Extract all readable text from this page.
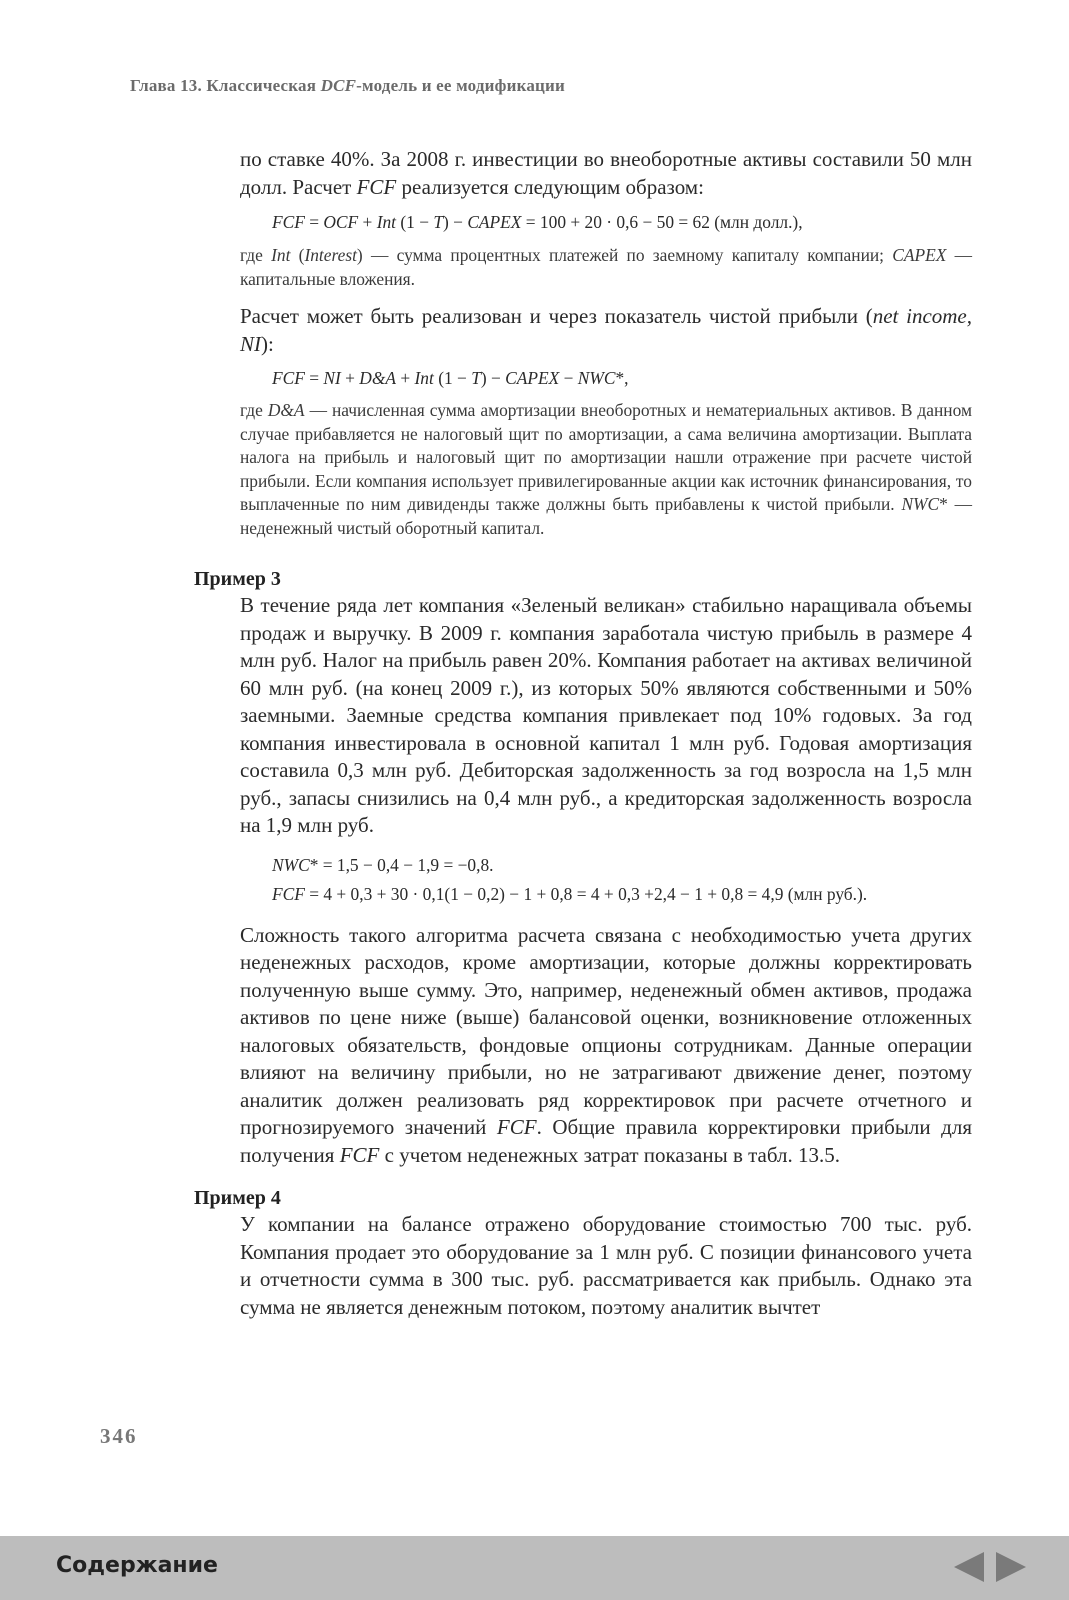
Глава 13. Классическая DCF-модель и ее модификации

по ставке 40%. За 2008 г. инвестиции во внеоборотные активы составили 50 млн долл. Расчет FCF реализуется следующим образом:

FCF = OCF + Int (1 − T) − CAPEX = 100 + 20 · 0,6 − 50 = 62 (млн долл.),

где Int (Interest) — сумма процентных платежей по заемному капиталу компании; CAPEX — капитальные вложения.

Расчет может быть реализован и через показатель чистой прибыли (net income, NI):

FCF = NI + D&A + Int (1 − T) − CAPEX − NWC*,

где D&A — начисленная сумма амортизации внеоборотных и нематериальных активов. В данном случае прибавляется не налоговый щит по амортизации, а сама величина амортизации. Выплата налога на прибыль и налоговый щит по амортизации нашли отражение при расчете чистой прибыли. Если компания использует привилегированные акции как источник финансирования, то выплаченные по ним дивиденды также должны быть прибавлены к чистой прибыли. NWC* — неденежный чистый оборотный капитал.

Пример 3

В течение ряда лет компания «Зеленый великан» стабильно наращивала объемы продаж и выручку. В 2009 г. компания заработала чистую прибыль в размере 4 млн руб. Налог на прибыль равен 20%. Компания работает на активах величиной 60 млн руб. (на конец 2009 г.), из которых 50% являются собственными и 50% заемными. Заемные средства компания привлекает под 10% годовых. За год компания инвестировала в основной капитал 1 млн руб. Годовая амортизация составила 0,3 млн руб. Дебиторская задолженность за год возросла на 1,5 млн руб., запасы снизились на 0,4 млн руб., а кредиторская задолженность возросла на 1,9 млн руб.

NWC* = 1,5 − 0,4 − 1,9 = −0,8.

FCF = 4 + 0,3 + 30 · 0,1(1 − 0,2) − 1 + 0,8 = 4 + 0,3 +2,4 − 1 + 0,8 = 4,9 (млн руб.).

Сложность такого алгоритма расчета связана с необходимостью учета других неденежных расходов, кроме амортизации, которые должны корректировать полученную выше сумму. Это, например, неденежный обмен активов, продажа активов по цене ниже (выше) балансовой оценки, возникновение отложенных налоговых обязательств, фондовые опционы сотрудникам. Данные операции влияют на величину прибыли, но не затрагивают движение денег, поэтому аналитик должен реализовать ряд корректировок при расчете отчетного и прогнозируемого значений FCF. Общие правила корректировки прибыли для получения FCF с учетом неденежных затрат показаны в табл. 13.5.

Пример 4

У компании на балансе отражено оборудование стоимостью 700 тыс. руб. Компания продает это оборудование за 1 млн руб. С позиции финансового учета и отчетности сумма в 300 тыс. руб. рассматривается как прибыль. Однако эта сумма не является денежным потоком, поэтому аналитик вычтет

346
Содержание
